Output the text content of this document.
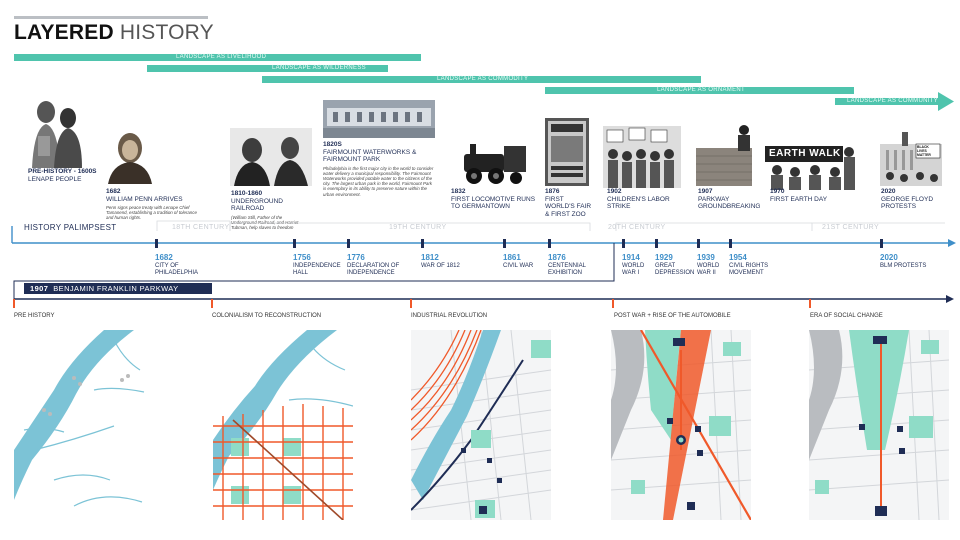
LAYERED HISTORY
LANDSCAPE AS LIVELIHOOD
LANDSCAPE AS WILDERNESS
LANDSCAPE AS COMMODITY
LANDSCAPE AS ORNAMENT
LANDSCAPE AS COMMUNITY
EARTH WALK
BLACK LIVES MATTER
PRE-HISTORY - 1600S
LENAPE PEOPLE
1682
WILLIAM PENN ARRIVES
Penn signs peace treaty with Lenape Chief Tamanend, establishing a tradition of tolerance and human rights.
1810-1860
UNDERGROUND RAILROAD
(William Still, Father of the Underground Railroad, and Harriet Tubman, help slaves to freedom
1820S
FAIRMOUNT WATERWORKS & FAIRMOUNT PARK
Philadelphia is the first major city in the world to consider water delivery a municipal responsibility. The Fairmount Waterworks provided potable water to the citizens of the city. The largest urban park in the world, Fairmount Park is exemplary in its ability to preserve nature within the urban environment.	1832
FIRST LOCOMOTIVE RUNS TO GERMANTOWN
1876
FIRST WORLD'S FAIR & FIRST ZOO
1902
CHILDREN'S LABOR STRIKE
1907
PARKWAY GROUNDBREAKING
1970
FIRST EARTH DAY
2020
GEORGE FLOYD PROTESTS
HISTORY PALIMPSEST	18TH CENTURY	19TH CENTURY	20TH CENTURY	21ST CENTURY
1682
CITY OF PHILADELPHIA
1756
INDEPENDENCE HALL
1776
DECLARATION OF INDEPENDENCE
1812
WAR OF 1812
1861
CIVIL WAR
1876
CENTENNIAL EXHIBITION
1914
WORLD WAR I
1929
GREAT DEPRESSION
1939
WORLD WAR II
1954
CIVIL RIGHTS MOVEMENT
2020
BLM PROTESTS
1907 BENJAMIN FRANKLIN PARKWAY
PRE HISTORY	COLONIALISM TO RECONSTRUCTION	INDUSTRIAL REVOLUTION	POST WAR + RISE OF THE AUTOMOBILE	ERA OF SOCIAL CHANGE
